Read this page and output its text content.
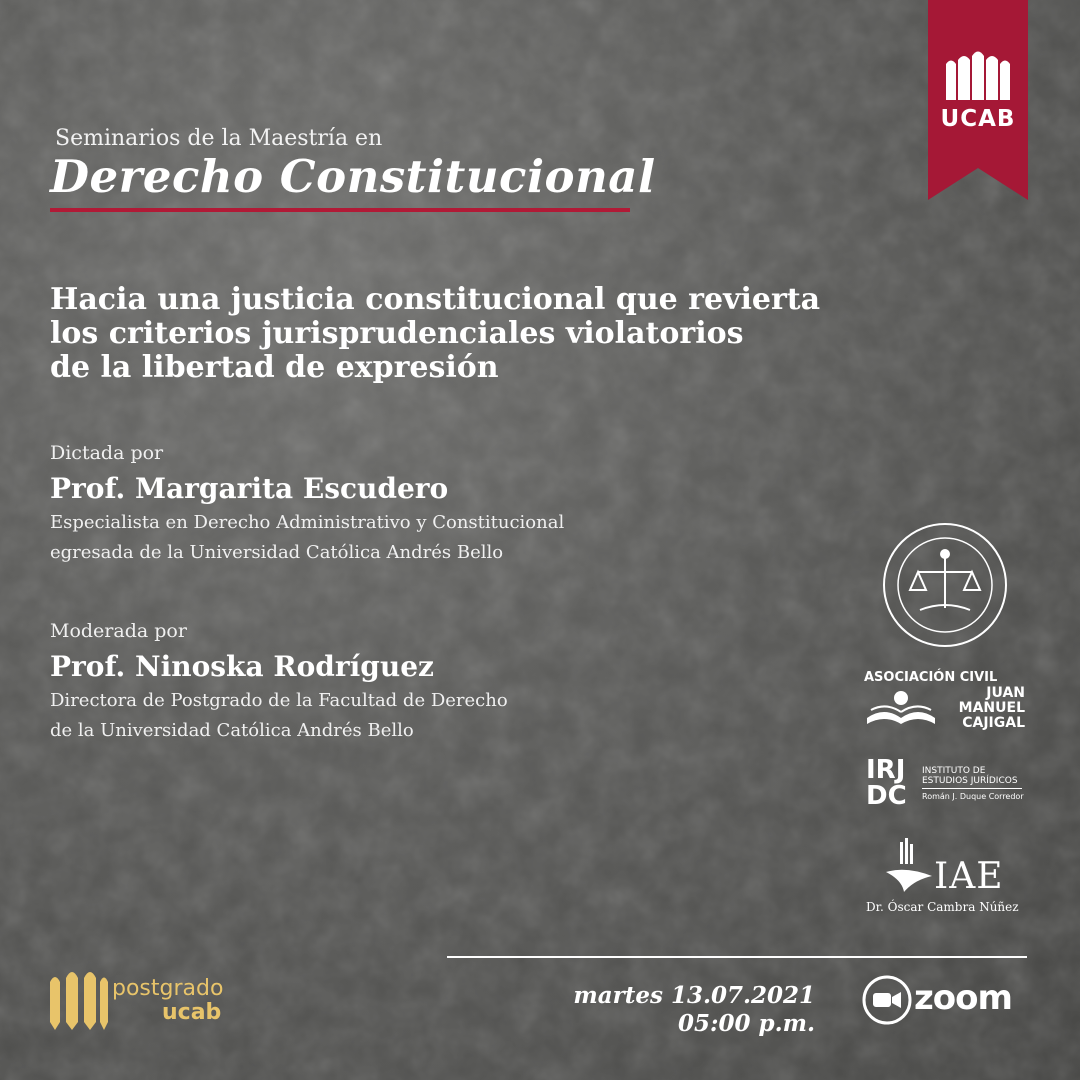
Seminarios de la Maestría en
Derecho Constitucional
UCAB
Hacia una justicia constitucional que revierta
los criterios jurisprudenciales violatorios
de la libertad de expresión
Dictada por
Prof. Margarita Escudero
Especialista en Derecho Administrativo y Constitucional
egresada de la Universidad Católica Andrés Bello
Moderada por
Prof. Ninoska Rodríguez
Directora de Postgrado de la Facultad de Derecho
de la Universidad Católica Andrés Bello
ASOCIACIÓN CIVIL
JUAN
MANUEL
CAJIGAL
IRJ
DC
INSTITUTO DE
ESTUDIOS JURÍDICOS
Román J. Duque Corredor
IAE
Dr. Óscar Cambra Núñez
martes 13.07.2021
05:00 p.m.
zoom
postgrado
ucab
